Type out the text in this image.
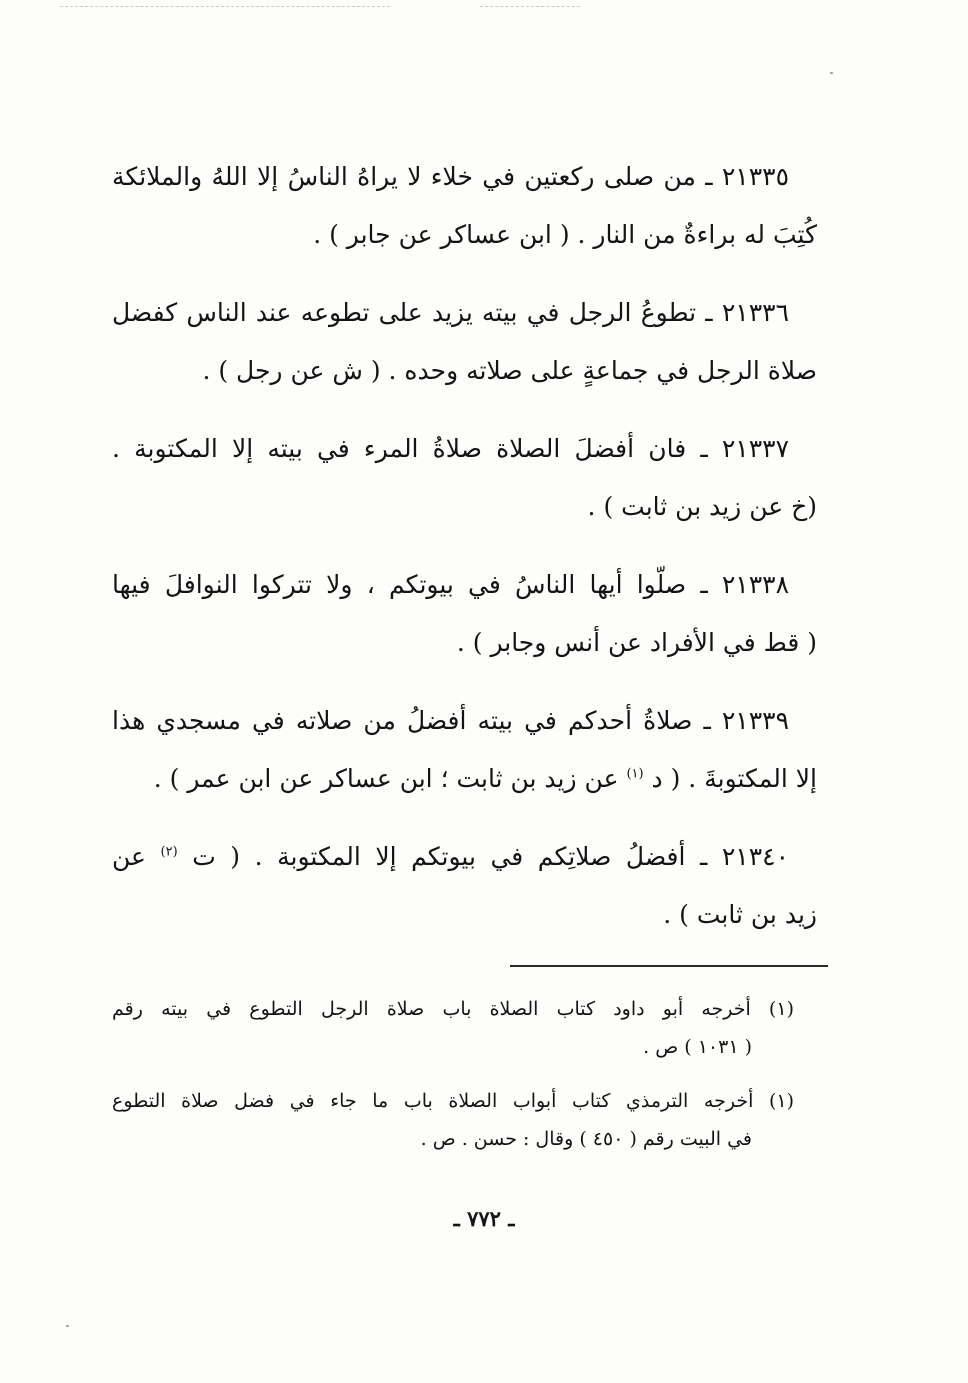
٢١٣٣٥ ـ من صلى ركعتين في خلاء لا يراهُ الناسُ إلا اللهُ والملائكة
كُتِبَ له براءةٌ من النار . ( ابن عساكر عن جابر ) .
٢١٣٣٦ ـ تطوعُ الرجل في بيته يزيد على تطوعه عند الناس كفضل
صلاة الرجل في جماعةٍ على صلاته وحده . ( ش عن رجل ) .
٢١٣٣٧ ـ فان أفضلَ الصلاة صلاةُ المرء في بيته إلا المكتوبة .
(خ عن زيد بن ثابت ) .
٢١٣٣٨ ـ صلّوا أيها الناسُ في بيوتكم ، ولا تتركوا النوافلَ فيها
( قط في الأفراد عن أنس وجابر ) .
٢١٣٣٩ ـ صلاةُ أحدكم في بيته أفضلُ من صلاته في مسجدي هذا
إلا المكتوبةَ . ( د $^{(١)}$ عن زيد بن ثابت ؛ ابن عساكر عن ابن عمر ) .
٢١٣٤٠ ـ أفضلُ صلاتِكم في بيوتكم إلا المكتوبة . ( ت $^{(٢)}$ عن
زيد بن ثابت ) .
(١) أخرجه أبو داود كتاب الصلاة باب صلاة الرجل التطوع في بيته رقم
( ١٠٣١ ) ص .
(١) أخرجه الترمذي كتاب أبواب الصلاة باب ما جاء في فضل صلاة التطوع
في البيت رقم ( ٤٥٠ ) وقال : حسن . ص .
ـ ٧٧٢ ـ
